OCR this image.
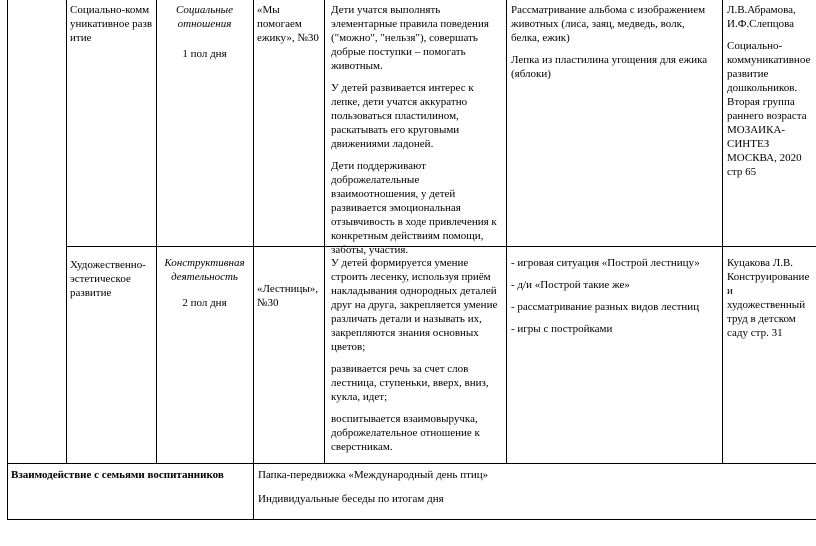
Социально-коммуникативное развитие
Социальные отношения
1 пол дня
«Мы помогаем ежику», №30

Дети учатся выполнять элементарные правила поведения ("можно", "нельзя"), совершать добрые поступки – помогать животным.

У детей развивается интерес к лепке, дети учатся аккуратно пользоваться пластилином, раскатывать его круговыми движениями ладоней.

Дети поддерживают доброжелательные взаимоотношения, у детей развивается эмоциональная отзывчивость в ходе привлечения к конкретным действиям помощи, заботы, участия.

Рассматривание альбома с изображением животных (лиса, заяц, медведь, волк, белка, ежик)

Лепка из пластилина угощения для ежика (яблоки)

Л.В.Абрамова, И.Ф.Слепцова

Социально-коммуникативное развитие дошкольников. Вторая группа раннего возраста МОЗАИКА-СИНТЕЗ МОСКВА, 2020 стр 65

Художественно-эстетическое развитие
Конструктивная деятельность
2 пол дня
«Лестницы», №30

У детей формируется умение строить лесенку, используя приём накладывания однородных деталей друг на друга, закрепляется умение различать детали и называть их, закрепляются знания основных цветов;

развивается речь за счет слов лестница, ступеньки, вверх, вниз, кукла, идет;

воспитывается взаимовыручка, доброжелательное отношение к сверстникам.

- игровая ситуация «Построй лестницу»

- д/и «Построй такие же»

- рассматривание разных видов лестниц

- игры с постройками

Куцакова Л.В. Конструирование и художественный труд в детском саду стр. 31
Взаимодействие с семьями воспитанников	Папка-передвижка «Международный день птиц»

Индивидуальные беседы по итогам дня
